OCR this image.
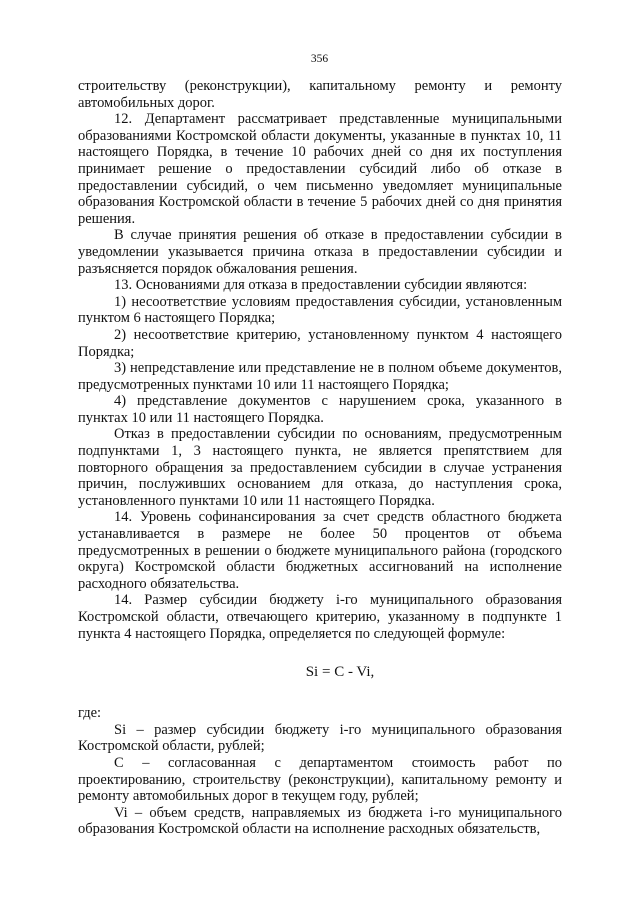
356

строительству (реконструкции), капитальному ремонту и ремонту автомобильных дорог.

12. Департамент рассматривает представленные муниципальными образованиями Костромской области документы, указанные в пунктах 10, 11 настоящего Порядка, в течение 10 рабочих дней со дня их поступления принимает решение о предоставлении субсидий либо об отказе в предоставлении субсидий, о чем письменно уведомляет муниципальные образования Костромской области в течение 5 рабочих дней со дня принятия решения.

В случае принятия решения об отказе в предоставлении субсидии в уведомлении указывается причина отказа в предоставлении субсидии и разъясняется порядок обжалования решения.

13. Основаниями для отказа в предоставлении субсидии являются:

1) несоответствие условиям предоставления субсидии, установленным пунктом 6 настоящего Порядка;

2) несоответствие критерию, установленному пунктом 4 настоящего Порядка;

3) непредставление или представление не в полном объеме документов, предусмотренных пунктами 10 или 11 настоящего Порядка;

4) представление документов с нарушением срока, указанного в пунктах 10 или 11 настоящего Порядка.

Отказ в предоставлении субсидии по основаниям, предусмотренным подпунктами 1, 3 настоящего пункта, не является препятствием для повторного обращения за предоставлением субсидии в случае устранения причин, послуживших основанием для отказа, до наступления срока, установленного пунктами 10 или 11 настоящего Порядка.

14. Уровень софинансирования за счет средств областного бюджета устанавливается в размере не более 50 процентов от объема предусмотренных в решении о бюджете муниципального района (городского округа) Костромской области бюджетных ассигнований на исполнение расходного обязательства.

14. Размер субсидии бюджету i-го муниципального образования Костромской области, отвечающего критерию, указанному в подпункте 1 пункта 4 настоящего Порядка, определяется по следующей формуле:

Si = C - Vi,

где:

Si – размер субсидии бюджету i-го муниципального образования Костромской области, рублей;

С – согласованная с департаментом стоимость работ по проектированию, строительству (реконструкции), капитальному ремонту и ремонту автомобильных дорог в текущем году, рублей;

Vi – объем средств, направляемых из бюджета i-го муниципального образования Костромской области на исполнение расходных обязательств,
